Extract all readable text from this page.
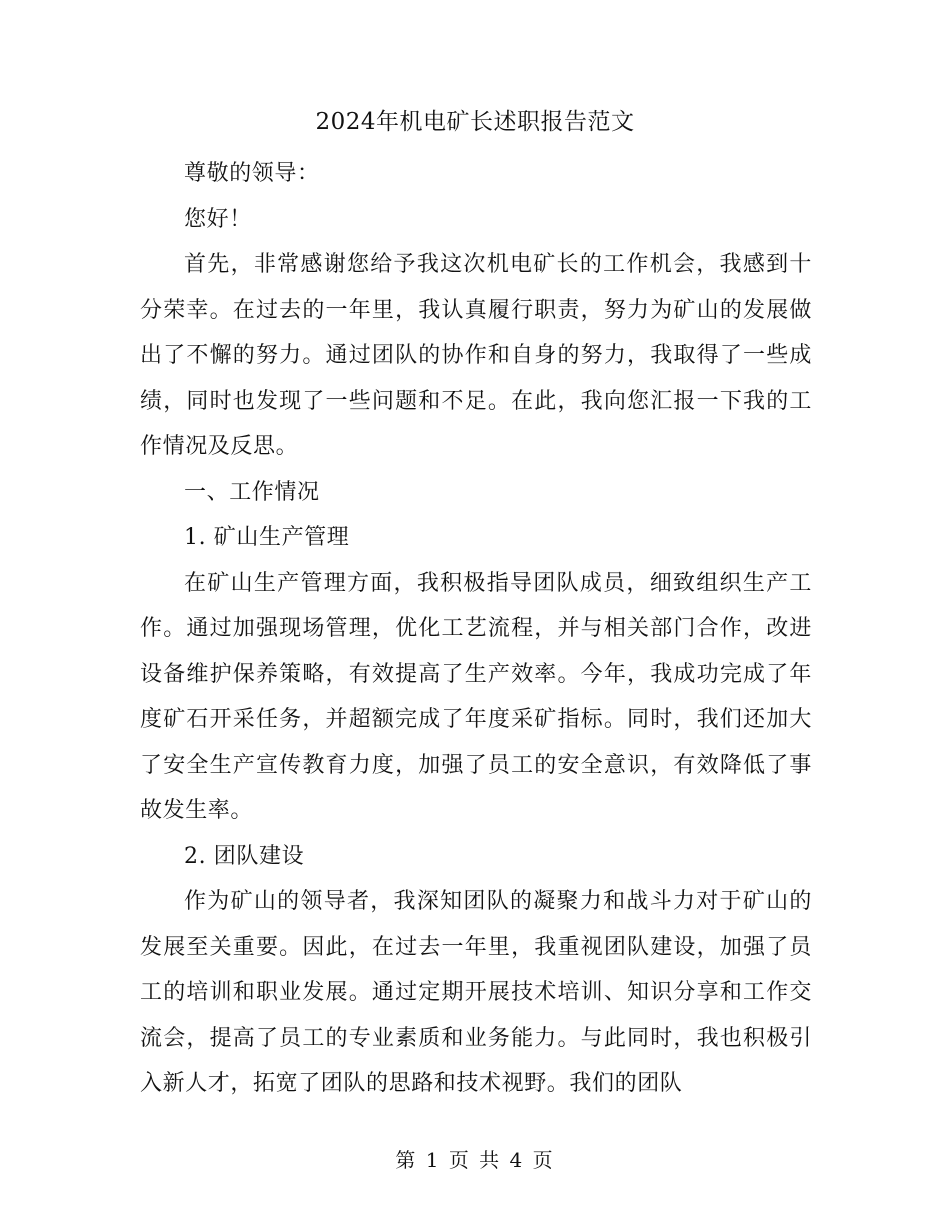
2024年机电矿长述职报告范文

尊敬的领导：

您好！

首先，非常感谢您给予我这次机电矿长的工作机会，我感到十分荣幸。在过去的一年里，我认真履行职责，努力为矿山的发展做出了不懈的努力。通过团队的协作和自身的努力，我取得了一些成绩，同时也发现了一些问题和不足。在此，我向您汇报一下我的工作情况及反思。

一、工作情况

1. 矿山生产管理

在矿山生产管理方面，我积极指导团队成员，细致组织生产工作。通过加强现场管理，优化工艺流程，并与相关部门合作，改进设备维护保养策略，有效提高了生产效率。今年，我成功完成了年度矿石开采任务，并超额完成了年度采矿指标。同时，我们还加大了安全生产宣传教育力度，加强了员工的安全意识，有效降低了事故发生率。

2. 团队建设

作为矿山的领导者，我深知团队的凝聚力和战斗力对于矿山的发展至关重要。因此，在过去一年里，我重视团队建设，加强了员工的培训和职业发展。通过定期开展技术培训、知识分享和工作交流会，提高了员工的专业素质和业务能力。与此同时，我也积极引入新人才，拓宽了团队的思路和技术视野。我们的团队

第 1 页 共 4 页
